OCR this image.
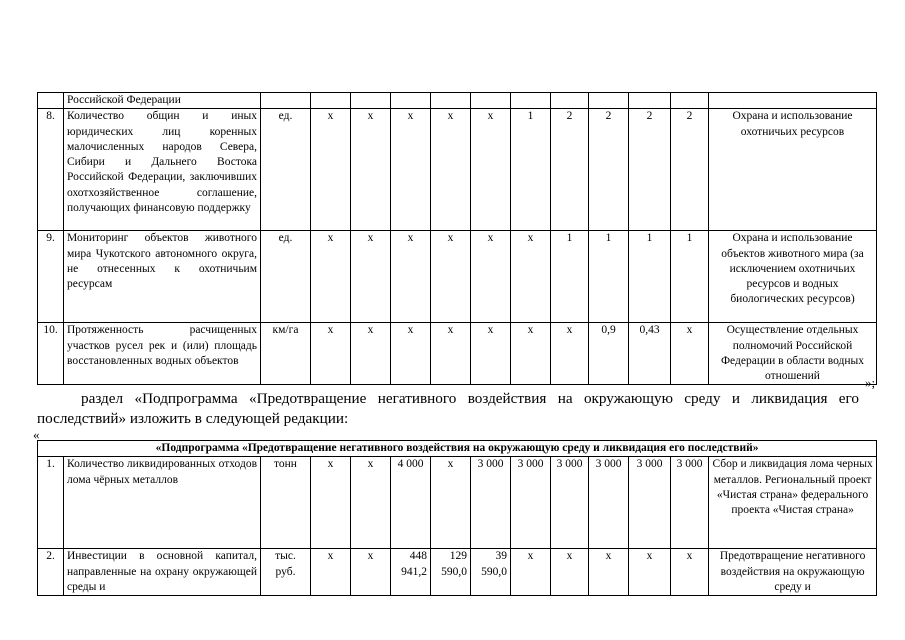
	Российской Федерации												
8.	Количество общин и иных юридических лиц коренных малочисленных народов Севера, Сибири и Дальнего Востока Российской Федерации, заключивших охотхозяйственное соглашение, получающих финансовую поддержку	ед.	х	х	х	х	х	1	2	2	2	2	Охрана и использование охотничьих ресурсов
9.	Мониторинг объектов животного мира Чукотского автономного округа, не отнесенных к охотничьим ресурсам	ед.	х	х	х	х	х	х	1	1	1	1	Охрана и использование объектов животного мира (за исключением охотничьих ресурсов и водных биологических ресурсов)
10.	Протяженность расчищенных участков русел рек и (или) площадь восстановленных водных объектов	км/га	х	х	х	х	х	х	х	0,9	0,43	х	Осуществление отдельных полномочий Российской Федерации в области водных отношений	»;
раздел «Подпрограмма «Предотвращение негативного воздействия на окружающую среду и ликвидация его последствий» изложить в следующей редакции:
«
«Подпрограмма «Предотвращение негативного воздействия на окружающую среду и ликвидация его последствий»													
1.	Количество ликвидированных отходов лома чёрных металлов	тонн	х	х	4 000	х	3 000	3 000	3 000	3 000	3 000	3 000	Сбор и ликвидация лома черных металлов. Региональный проект «Чистая страна» федерального проекта «Чистая страна»
2.	Инвестиции в основной капитал, направленные на охрану окружающей среды и	тыс. руб.	х	х	448 941,2	129 590,0	39 590,0	х	х	х	х	х	Предотвращение негативного воздействия на окружающую среду и
